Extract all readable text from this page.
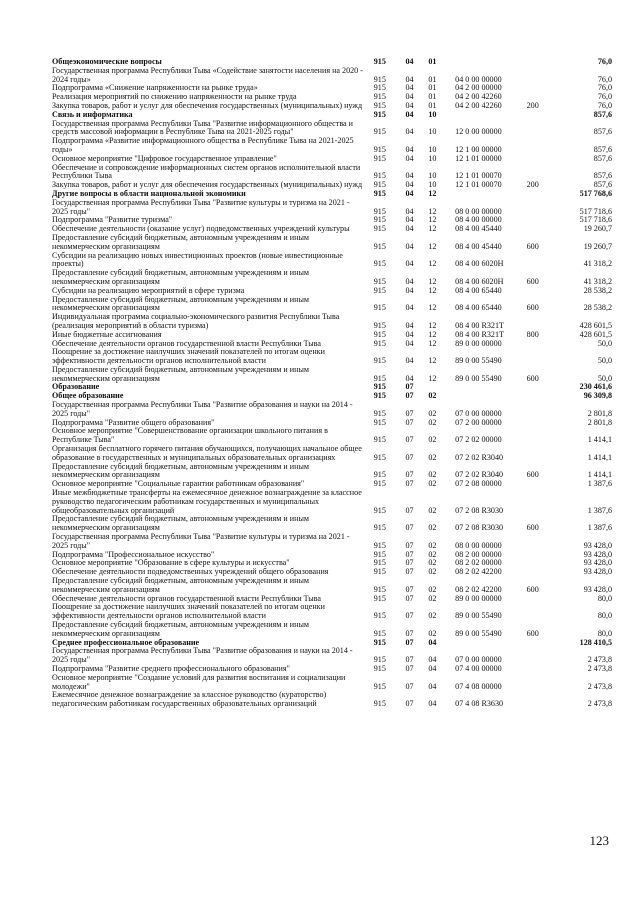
Общеэкономические вопросы	915	04	01	76,0
Государственная программа Республики Тыва «Содействие занятости населения на 2020 - 2024 годы»	915	04	01	04 0 00 00000	76,0
Подпрограмма «Снижение напряженности на рынке труда»	915	04	01	04 2 00 00000	76,0
Реализация мероприятий по снижению напряженности на рынке труда	915	04	01	04 2 00 42260	76,0
Закупка товаров, работ и услуг для обеспечения государственных (муниципальных) нужд	915	04	01	04 2 00 42260	200	76,0
Связь и информатика	915	04	10	857,6
Государственная программа Республики Тыва "Развитие информационного общества и средств массовой информации в Республике Тыва на 2021-2025 годы"	915	04	10	12 0 00 00000	857,6
Подпрограмма «Развитие информационного общества в Республике Тыва на 2021-2025 годы»	915	04	10	12 1 00 00000	857,6
Основное мероприятие "Цифровое государственное управление"	915	04	10	12 1 01 00000	857,6
Обеспечение и сопровождение информационных систем органов исполнительной власти Республики Тыва	915	04	10	12 1 01 00070	857,6
Закупка товаров, работ и услуг для обеспечения государственных (муниципальных) нужд	915	04	10	12 1 01 00070	200	857,6
Другие вопросы в области национальной экономики	915	04	12	517 768,6
Государственная программа Республики Тыва "Развитие культуры и туризма на 2021 - 2025 годы"	915	04	12	08 0 00 00000	517 718,6
Подпрограмма "Развитие туризма"	915	04	12	08 4 00 00000	517 718,6
Обеспечение деятельности (оказание услуг) подведомственных учреждений культуры	915	04	12	08 4 00 45440	19 260,7
Предоставление субсидий бюджетным, автономным учреждениям и иным некоммерческим организациям	915	04	12	08 4 00 45440	600	19 260,7
Субсидии на реализацию новых инвестиционных проектов (новые инвестиционные проекты)	915	04	12	08 4 00 6020Н	41 318,2
Предоставление субсидий бюджетным, автономным учреждениям и иным некоммерческим организациям	915	04	12	08 4 00 6020Н	600	41 318,2
Субсидии на реализацию мероприятий в сфере туризма	915	04	12	08 4 00 65440	28 538,2
Предоставление субсидий бюджетным, автономным учреждениям и иным некоммерческим организациям	915	04	12	08 4 00 65440	600	28 538,2
Индивидуальная программа социально-экономического развития Республики Тыва (реализация мероприятий в области туризма)	915	04	12	08 4 00 R321Т	428 601,5
Иные бюджетные ассигнования	915	04	12	08 4 00 R321Т	800	428 601,5
Обеспечение деятельности органов государственной власти Республики Тыва	915	04	12	89 0 00 00000	50,0
Поощрение за достижение наилучших значений показателей по итогам оценки эффективности деятельности органов исполнительной власти	915	04	12	89 0 00 55490	50,0
Предоставление субсидий бюджетным, автономным учреждениям и иным некоммерческим организациям	915	04	12	89 0 00 55490	600	50,0
Образование	915	07	230 461,6
Общее образование	915	07	02	96 309,8
Государственная программа Республики Тыва "Развитие образования и науки на 2014 - 2025 годы"	915	07	02	07 0 00 00000	2 801,8
Подпрограмма "Развитие общего образования"	915	07	02	07 2 00 00000	2 801,8
Основное мероприятие "Совершенствование организации школьного питания в Республике Тыва"	915	07	02	07 2 02 00000	1 414,1
Организация бесплатного горячего питания обучающихся, получающих начальное общее образование в государственных и муниципальных образовательных организациях	915	07	02	07 2 02 R3040	1 414,1
Предоставление субсидий бюджетным, автономным учреждениям и иным некоммерческим организациям	915	07	02	07 2 02 R3040	600	1 414,1
Основное мероприятие "Социальные гарантии работникам образования"	915	07	02	07 2 08 00000	1 387,6
Иные межбюджетные трансферты на ежемесячное денежное вознаграждение за классное руководство педагогическим работникам государственных и муниципальных общеобразовательных организаций	915	07	02	07 2 08 R3030	1 387,6
Предоставление субсидий бюджетным, автономным учреждениям и иным некоммерческим организациям	915	07	02	07 2 08 R3030	600	1 387,6
Государственная программа Республики Тыва "Развитие культуры и туризма на 2021 - 2025 годы"	915	07	02	08 0 00 00000	93 428,0
Подпрограмма "Профессиональное искусство"	915	07	02	08 2 00 00000	93 428,0
Основное мероприятие "Образование в сфере культуры и искусства"	915	07	02	08 2 02 00000	93 428,0
Обеспечение деятельности подведомственных учреждений общего образования	915	07	02	08 2 02 42200	93 428,0
Предоставление субсидий бюджетным, автономным учреждениям и иным некоммерческим организациям	915	07	02	08 2 02 42200	600	93 428,0
Обеспечение деятельности органов государственной власти Республики Тыва	915	07	02	89 0 00 00000	80,0
Поощрение за достижение наилучших значений показателей по итогам оценки эффективности деятельности органов исполнительной власти	915	07	02	89 0 00 55490	80,0
Предоставление субсидий бюджетным, автономным учреждениям и иным некоммерческим организациям	915	07	02	89 0 00 55490	600	80,0
Среднее профессиональное образование	915	07	04	128 410,5
Государственная программа Республики Тыва "Развитие образования и науки на 2014 - 2025 годы"	915	07	04	07 0 00 00000	2 473,8
Подпрограмма "Развитие среднего профессионального образования"	915	07	04	07 4 00 00000	2 473,8
Основное мероприятие "Создание условий для развития воспитания и социализации молодежи"	915	07	04	07 4 08 00000	2 473,8
Ежемесячное денежное вознаграждение за классное руководство (кураторство) педагогическим работникам государственных образовательных организаций	915	07	04	07 4 08 R3630	2 473,8
123
